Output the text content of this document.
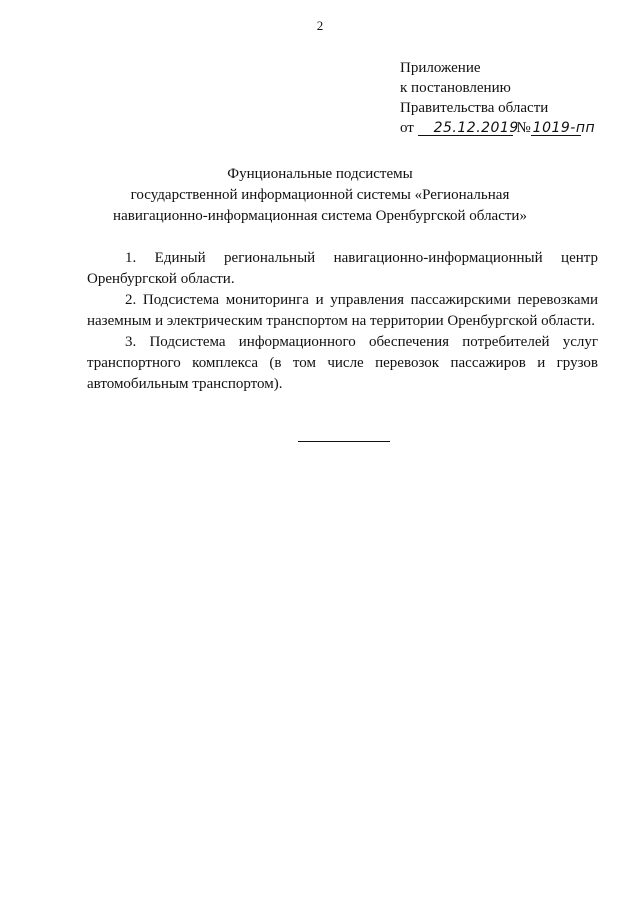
2
Приложение
к постановлению
Правительства области
от 25.12.2019 № 1019-пп
Фунциональные подсистемы
государственной информационной системы «Региональная
навигационно-информационная система Оренбургской области»

1. Единый региональный навигационно-информационный центр Оренбургской области.

2. Подсистема мониторинга и управления пассажирскими перевозками наземным и электрическим транспортом на территории Оренбургской области.

3. Подсистема информационного обеспечения потребителей услуг транспортного комплекса (в том числе перевозок пассажиров и грузов автомобильным транспортом).
